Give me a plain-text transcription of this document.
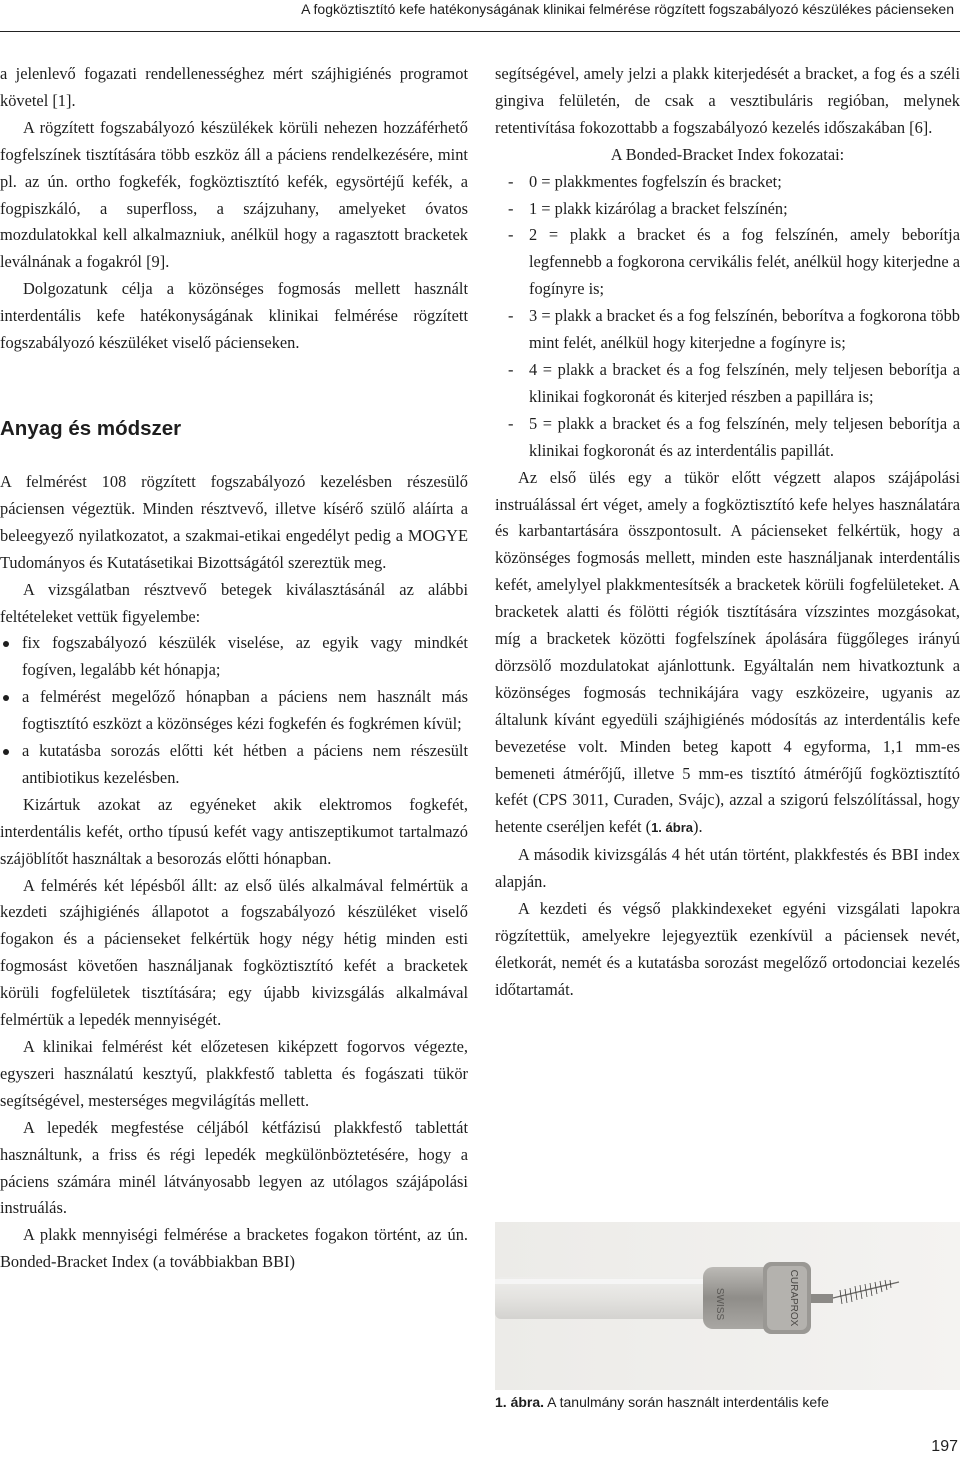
A fogköztisztító kefe hatékonyságának klinikai felmérése rögzített fogszabályozó készülékes pácienseken

a jelenlevő fogazati rendellenességhez mért szájhigiénés programot követel [1].

A rögzített fogszabályozó készülékek körüli nehezen hozzáférhető fogfelszínek tisztítására több eszköz áll a páciens rendelkezésére, mint pl. az ún. ortho fogkefék, fogköztisztító kefék, egysörtéjű kefék, a fogpiszkáló, a superfloss, a szájzuhany, amelyeket óvatos mozdulatokkal kell alkalmazniuk, anélkül hogy a ragasztott bracketek leválnának a fogakról [9].

Dolgozatunk célja a közönséges fogmosás mellett használt interdentális kefe hatékonyságának klinikai felmérése rögzített fogszabályozó készüléket viselő pácienseken.

Anyag és módszer

A felmérést 108 rögzített fogszabályozó kezelésben részesülő páciensen végeztük. Minden résztvevő, illetve kísérő szülő aláírta a beleegyező nyilatkozatot, a szakmai-etikai engedélyt pedig a MOGYE Tudományos és Kutatásetikai Bizottságától szereztük meg.

A vizsgálatban résztvevő betegek kiválasztásánál az alábbi feltételeket vettük figyelembe:

fix fogszabályozó készülék viselése, az egyik vagy mindkét fogíven, legalább két hónapja;
a felmérést megelőző hónapban a páciens nem használt más fogtisztító eszközt a közönséges kézi fogkefén és fogkrémen kívül;
a kutatásba sorozás előtti két hétben a páciens nem részesült antibiotikus kezelésben.

Kizártuk azokat az egyéneket akik elektromos fogkefét, interdentális kefét, ortho típusú kefét vagy antiszeptikumot tartalmazó szájöblítőt használtak a besorozás előtti hónapban.

A felmérés két lépésből állt: az első ülés alkalmával felmértük a kezdeti szájhigiénés állapotot a fogszabályozó készüléket viselő fogakon és a pácienseket felkértük hogy négy hétig minden esti fogmosást követően használjanak fogköztisztító kefét a bracketek körüli fogfelületek tisztítására; egy újabb kivizsgálás alkalmával felmértük a lepedék mennyiségét.

A klinikai felmérést két előzetesen kiképzett fogorvos végezte, egyszeri használatú kesztyű, plakkfestő tabletta és fogászati tükör segítségével, mesterséges megvilágítás mellett.

A lepedék megfestése céljából kétfázisú plakkfestő tablettát használtunk, a friss és régi lepedék megkülönböztetésére, hogy a páciens számára minél látványosabb legyen az utólagos szájápolási instruálás.

A plakk mennyiségi felmérése a bracketes fogakon történt, az ún. Bonded-Bracket Index (a továbbiakban BBI)

segítségével, amely jelzi a plakk kiterjedését a bracket, a fog és a széli gingiva felületén, de csak a vesztibuláris regióban, melynek retentivítása fokozottabb a fogszabályozó kezelés időszakában [6].

A Bonded-Bracket Index fokozatai:

- 0 = plakkmentes fogfelszín és bracket;
- 1 = plakk kizárólag a bracket felszínén;
- 2 = plakk a bracket és a fog felszínén, amely beborítja legfennebb a fogkorona cervikális felét, anélkül hogy kiterjedne a fogínyre is;
- 3 = plakk a bracket és a fog felszínén, beborítva a fogkorona több mint felét, anélkül hogy kiterjedne a fogínyre is;
- 4 = plakk a bracket és a fog felszínén, mely teljesen beborítja a klinikai fogkoronát és kiterjed részben a papillára is;
- 5 = plakk a bracket és a fog felszínén, mely teljesen beborítja a klinikai fogkoronát és az interdentális papillát.

Az első ülés egy a tükör előtt végzett alapos szájápolási instruálással ért véget, amely a fogköztisztító kefe helyes használatára és karbantartására összpontosult. A pácienseket felkértük, hogy a közönséges fogmosás mellett, minden este használjanak interdentális kefét, amelylyel plakkmentesítsék a bracketek körüli fogfelületeket. A bracketek alatti és fölötti régiók tisztítására vízszintes mozgásokat, míg a bracketek közötti fogfelszínek ápolására függőleges irányú dörzsölő mozdulatokat ajánlottunk. Egyáltalán nem hivatkoztunk a közönséges fogmosás technikájára vagy eszközeire, ugyanis az általunk kívánt egyedüli szájhigiénés módosítás az interdentális kefe bevezetése volt. Minden beteg kapott 4 egyforma, 1,1 mm-es bemeneti átmérőjű, illetve 5 mm-es tisztító átmérőjű fogköztisztító kefét (CPS 3011, Curaden, Svájc), azzal a szigorú felszólítással, hogy hetente cseréljen kefét (1. ábra).

A második kivizsgálás 4 hét után történt, plakkfestés és BBI index alapján.

A kezdeti és végső plakkindexeket egyéni vizsgálati lapokra rögzítettük, amelyekre lejegyeztük ezenkívül a páciensek nevét, életkorát, nemét és a kutatásba sorozást megelőző ortodonciai kezelés időtartamát.

SWISS	CURAPROX
1. ábra. A tanulmány során használt interdentális kefe
197
